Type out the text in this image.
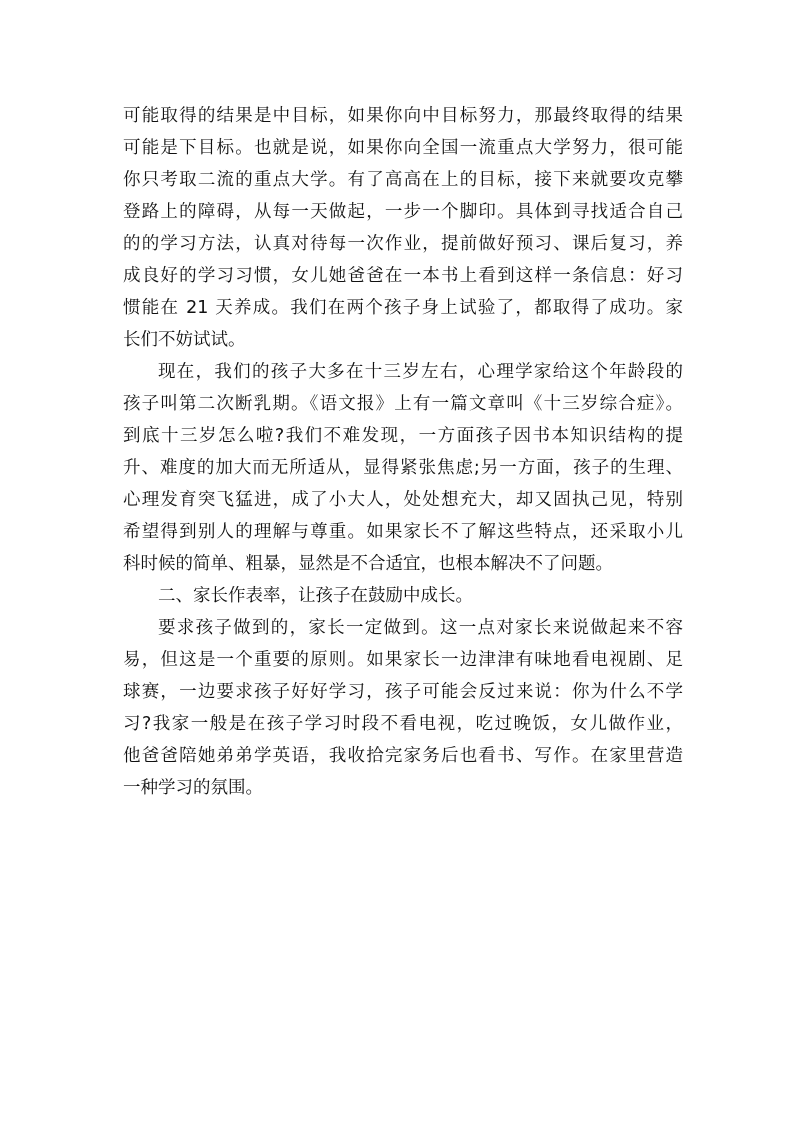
可能取得的结果是中目标，如果你向中目标努力，那最终取得的结果
可能是下目标。也就是说，如果你向全国一流重点大学努力，很可能
你只考取二流的重点大学。有了高高在上的目标，接下来就要攻克攀
登路上的障碍，从每一天做起，一步一个脚印。具体到寻找适合自己
的的学习方法，认真对待每一次作业，提前做好预习、课后复习，养
成良好的学习习惯，女儿她爸爸在一本书上看到这样一条信息：好习
惯能在 21 天养成。我们在两个孩子身上试验了，都取得了成功。家
长们不妨试试。
现在，我们的孩子大多在十三岁左右，心理学家给这个年龄段的
孩子叫第二次断乳期。《语文报》上有一篇文章叫《十三岁综合症》。
到底十三岁怎么啦?我们不难发现，一方面孩子因书本知识结构的提
升、难度的加大而无所适从，显得紧张焦虑;另一方面，孩子的生理、
心理发育突飞猛进，成了小大人，处处想充大，却又固执己见，特别
希望得到别人的理解与尊重。如果家长不了解这些特点，还采取小儿
科时候的简单、粗暴，显然是不合适宜，也根本解决不了问题。
二、家长作表率，让孩子在鼓励中成长。
要求孩子做到的，家长一定做到。这一点对家长来说做起来不容
易，但这是一个重要的原则。如果家长一边津津有味地看电视剧、足
球赛，一边要求孩子好好学习，孩子可能会反过来说：你为什么不学
习?我家一般是在孩子学习时段不看电视，吃过晚饭，女儿做作业，
他爸爸陪她弟弟学英语，我收拾完家务后也看书、写作。在家里营造
一种学习的氛围。
